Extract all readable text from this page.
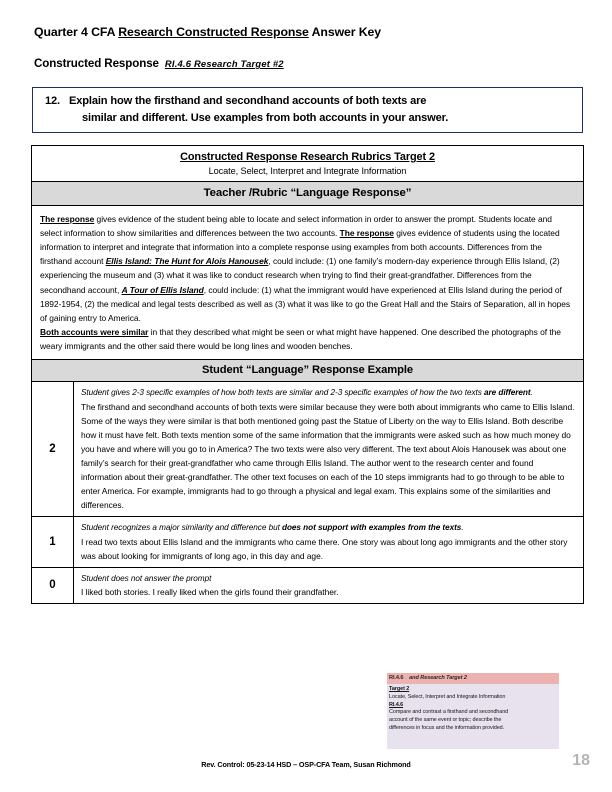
Quarter 4 CFA Research Constructed Response Answer Key
Constructed Response RI.4.6 Research Target #2
12. Explain how the firsthand and secondhand accounts of both texts are
similar and different. Use examples from both accounts in your answer.
Constructed Response Research Rubrics Target 2
Locate, Select, Interpret and Integrate Information
Teacher /Rubric “Language Response”
The response gives evidence of the student being able to locate and select information in order to answer the prompt. Students locate and select information to show similarities and differences between the two accounts. The response gives evidence of students using the located information to interpret and integrate that information into a complete response using examples from both accounts. Differences from the firsthand account Ellis Island: The Hunt for Alois Hanousek, could include: (1) one family’s modern-day experience through Ellis Island, (2) experiencing the museum and (3) what it was like to conduct research when trying to find their great-grandfather. Differences from the secondhand account, A Tour of Ellis Island, could include: (1) what the immigrant would have experienced at Ellis Island during the period of 1892-1954, (2) the medical and legal tests described as well as (3) what it was like to go the Great Hall and the Stairs of Separation, all in hopes of gaining entry to America.
Both accounts were similar in that they described what might be seen or what might have happened. One described the photographs of the weary immigrants and the other said there would be long lines and wooden benches.
Student “Language” Response Example
2
Student gives 2-3 specific examples of how both texts are similar and 2-3 specific examples of how the two texts are different.
The firsthand and secondhand accounts of both texts were similar because they were both about immigrants who came to Ellis Island. Some of the ways they were similar is that both mentioned going past the Statue of Liberty on the way to Ellis Island. Both describe how it must have felt. Both texts mention some of the same information that the immigrants were asked such as how much money do you have and where will you go to in America? The two texts were also very different. The text about Alois Hanousek was about one family’s search for their great-grandfather who came through Ellis Island. The author went to the research center and found information about their great-grandfather. The other text focuses on each of the 10 steps immigrants had to go through to be able to enter America. For example, immigrants had to go through a physical and legal exam. This explains some of the similarities and differences.
1
Student recognizes a major similarity and difference but does not support with examples from the texts.
I read two texts about Ellis Island and the immigrants who came there. One story was about long ago immigrants and the other story was about looking for immigrants of long ago, in this day and age.
0
Student does not answer the prompt
I liked both stories. I really liked when the girls found their grandfather.
RI.4.6 and Research Target 2
Target 2
Locate, Select, Interpret and Integrate Information
RI.4.6
Compare and contrast a firsthand and secondhand
account of the same event or topic; describe the
differences in focus and the information provided.
Rev. Control: 05-23-14 HSD – OSP-CFA Team, Susan Richmond	18
